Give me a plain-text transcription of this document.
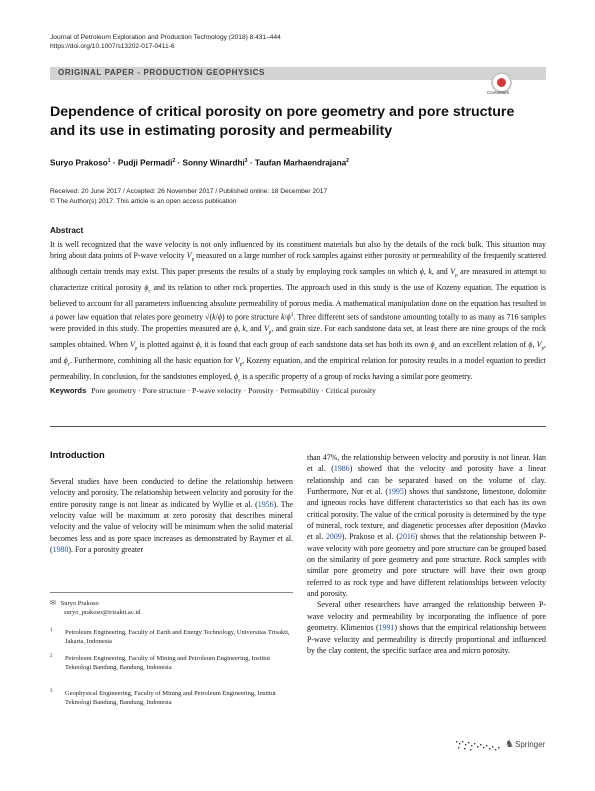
Journal of Petroleum Exploration and Production Technology (2018) 8:431–444
https://doi.org/10.1007/s13202-017-0411-6
ORIGINAL PAPER - PRODUCTION GEOPHYSICS
CrossMark
Dependence of critical porosity on pore geometry and pore structure
and its use in estimating porosity and permeability
Suryo Prakoso$^1$ · Pudji Permadi$^2$ · Sonny Winardhi$^3$ · Taufan Marhaendrajana$^2$
Received: 20 June 2017 / Accepted: 26 November 2017 / Published online: 18 December 2017
© The Author(s) 2017. This article is an open access publication
Abstract
It is well recognized that the wave velocity is not only influenced by its constituent materials but also by the details of the rock bulk. This situation may bring about data points of P-wave velocity $V_p$ measured on a large number of rock samples against either porosity or permeability of the frequently scattered although certain trends may exist. This paper presents the results of a study by employing rock samples on which ϕ, k, and $V_p$ are measured in attempt to characterize critical porosity $\phi_c$ and its relation to other rock properties. The approach used in this study is the use of Kozeny equation. The equation is believed to account for all parameters influencing absolute permeability of porous media. A mathematical manipulation done on the equation has resulted in a power law equation that relates pore geometry √(k/ϕ) to pore structure $k/\phi^3$. Three different sets of sandstone amounting totally to as many as 716 samples were provided in this study. The properties measured are ϕ, k, and $V_p$, and grain size. For each sandstone data set, at least there are nine groups of the rock samples obtained. When $V_p$ is plotted against ϕ, it is found that each group of each sandstone data set has both its own $\phi_c$ and an excellent relation of ϕ, $V_p$, and $\phi_c$. Furthermore, combining all the basic equation for $V_p$, Kozeny equation, and the empirical relation for porosity results in a model equation to predict permeability. In conclusion, for the sandstones employed, $\phi_c$ is a specific property of a group of rocks having a similar pore geometry.
Keywords Pore geometry · Pore structure · P-wave velocity · Porosity · Permeability · Critical porosity
Introduction

Several studies have been conducted to define the relationship between velocity and porosity. The relationship between velocity and porosity for the entire porosity range is not linear as indicated by Wyllie et al. (1956). The velocity value will be maximum at zero porosity that describes mineral velocity and the value of velocity will be minimum when the solid material becomes less and as pore space increases as demonstrated by Raymer et al. (1980). For a porosity greater

than 47%, the relationship between velocity and porosity is not linear. Han et al. (1986) showed that the velocity and porosity have a linear relationship and can be separated based on the volume of clay. Furthermore, Nur et al. (1995) shows that sandstone, limestone, dolomite and igneous rocks have different characteristics so that each has its own critical porosity. The value of the critical porosity is determined by the type of mineral, rock texture, and diagenetic processes after deposition (Mavko et al. 2009). Prakoso et al. (2016) shows that the relationship between P-wave velocity with pore geometry and pore structure can be grouped based on the similarity of pore geometry and pore structure. Rock samples with similar pore geometry and pore structure will have their own group referred to as rock type and have different relationships between velocity and porosity.

Several other researchers have arranged the relationship between P-wave velocity and permeability by incorporating the influence of pore geometry. Klimentos (1991) shows that the empirical relationship between P-wave velocity and permeability is directly proportional and influenced by the clay content, the specific surface area and micro porosity.

✉ Suryo Prakoso
suryo_prakoso@trisakti.ac.id
1 Petroleum Engineering, Faculty of Earth and Energy Technology, Universitas Trisakti, Jakarta, Indonesia
2 Petroleum Engineering, Faculty of Mining and Petroleum Engineering, Institut Teknologi Bandung, Bandung, Indonesia
3 Geophysical Engineering, Faculty of Mining and Petroleum Engineering, Institut Teknologi Bandung, Bandung, Indonesia
♞ Springer
